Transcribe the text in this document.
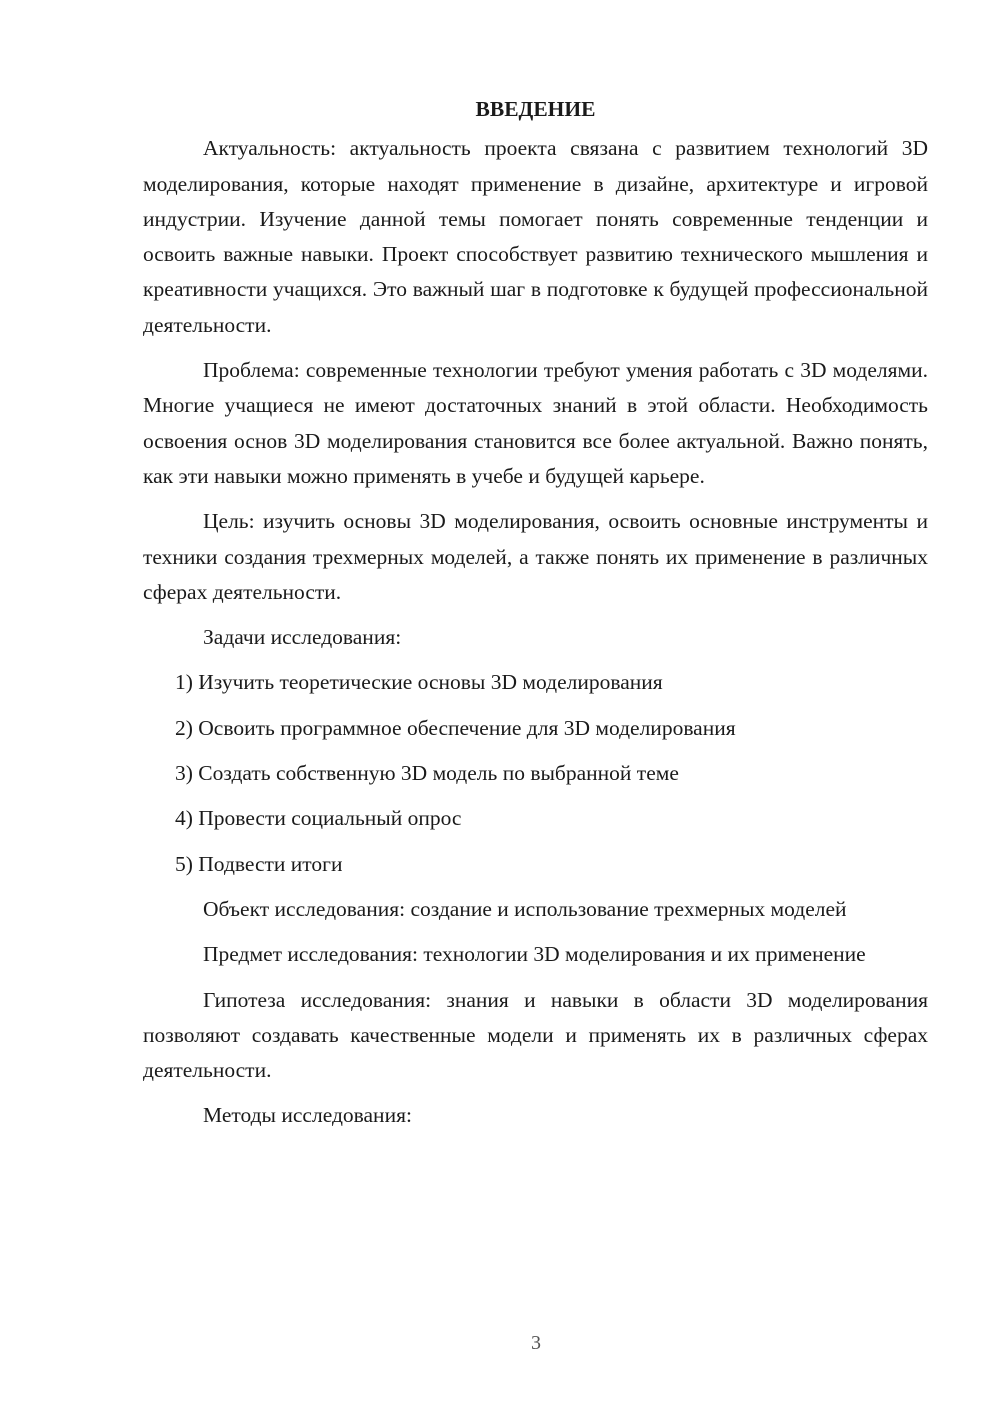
ВВЕДЕНИЕ

Актуальность: актуальность проекта связана с развитием технологий 3D моделирования, которые находят применение в дизайне, архитектуре и игровой индустрии. Изучение данной темы помогает понять современные тенденции и освоить важные навыки. Проект способствует развитию технического мышления и креативности учащихся. Это важный шаг в подготовке к будущей профессиональной деятельности.

Проблема: современные технологии требуют умения работать с 3D моделями. Многие учащиеся не имеют достаточных знаний в этой области. Необходимость освоения основ 3D моделирования становится все более актуальной. Важно понять, как эти навыки можно применять в учебе и будущей карьере.

Цель: изучить основы 3D моделирования, освоить основные инструменты и техники создания трехмерных моделей, а также понять их применение в различных сферах деятельности.

Задачи исследования:

1) Изучить теоретические основы 3D моделирования
2) Освоить программное обеспечение для 3D моделирования
3) Создать собственную 3D модель по выбранной теме
4) Провести социальный опрос
5) Подвести итоги

Объект исследования: создание и использование трехмерных моделей

Предмет исследования: технологии 3D моделирования и их применение

Гипотеза исследования: знания и навыки в области 3D моделирования позволяют создавать качественные модели и применять их в различных сферах деятельности.

Методы исследования:

3
